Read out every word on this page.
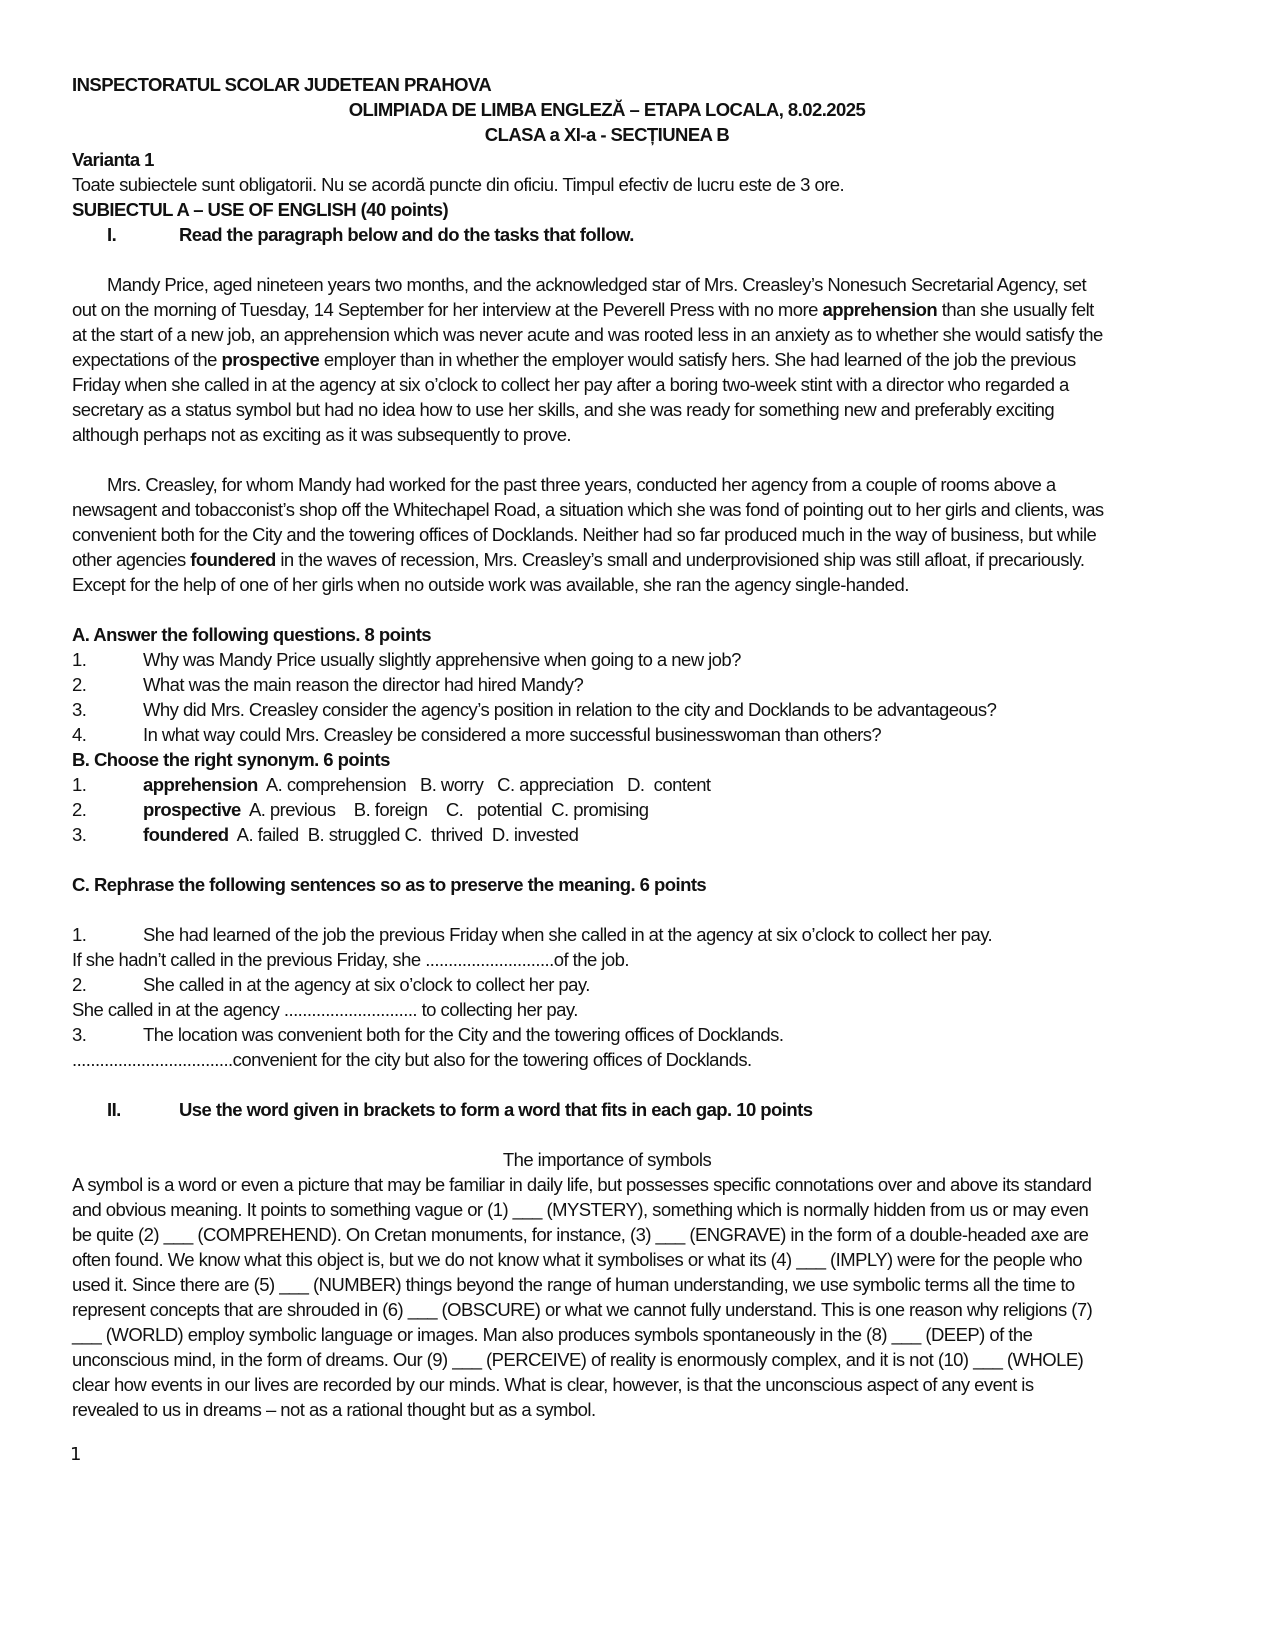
INSPECTORATUL SCOLAR JUDETEAN PRAHOVA
OLIMPIADA DE LIMBA ENGLEZĂ – ETAPA LOCALA, 8.02.2025
CLASA a XI-a - SECȚIUNEA B
Varianta 1
Toate subiectele sunt obligatorii. Nu se acordă puncte din oficiu. Timpul efectiv de lucru este de 3 ore.
SUBIECTUL A – USE OF ENGLISH (40 points)
I.	Read the paragraph below and do the tasks that follow.
Mandy Price, aged nineteen years two months, and the acknowledged star of Mrs. Creasley’s Nonesuch Secretarial Agency, set
out on the morning of Tuesday, 14 September for her interview at the Peverell Press with no more apprehension than she usually felt
at the start of a new job, an apprehension which was never acute and was rooted less in an anxiety as to whether she would satisfy the
expectations of the prospective employer than in whether the employer would satisfy hers. She had learned of the job the previous
Friday when she called in at the agency at six o’clock to collect her pay after a boring two-week stint with a director who regarded a
secretary as a status symbol but had no idea how to use her skills, and she was ready for something new and preferably exciting
although perhaps not as exciting as it was subsequently to prove.
Mrs. Creasley, for whom Mandy had worked for the past three years, conducted her agency from a couple of rooms above a
newsagent and tobacconist’s shop off the Whitechapel Road, a situation which she was fond of pointing out to her girls and clients, was
convenient both for the City and the towering offices of Docklands. Neither had so far produced much in the way of business, but while
other agencies foundered in the waves of recession, Mrs. Creasley’s small and underprovisioned ship was still afloat, if precariously.
Except for the help of one of her girls when no outside work was available, she ran the agency single-handed.
A. Answer the following questions. 8 points
1.	Why was Mandy Price usually slightly apprehensive when going to a new job?
2.	What was the main reason the director had hired Mandy?
3.	Why did Mrs. Creasley consider the agency’s position in relation to the city and Docklands to be advantageous?
4.	In what way could Mrs. Creasley be considered a more successful businesswoman than others?
B. Choose the right synonym. 6 points
1.	apprehension  A. comprehension   B. worry   C. appreciation   D.  content
2.	prospective  A. previous    B. foreign    C.   potential  C. promising
3.	foundered  A. failed  B. struggled C.  thrived  D. invested
C. Rephrase the following sentences so as to preserve the meaning. 6 points
1.	She had learned of the job the previous Friday when she called in at the agency at six o’clock to collect her pay.
If she hadn’t called in the previous Friday, she ............................of the job.
2.	She called in at the agency at six o’clock to collect her pay.
She called in at the agency ............................. to collecting her pay.
3.	The location was convenient both for the City and the towering offices of Docklands.
...................................convenient for the city but also for the towering offices of Docklands.
II.	Use the word given in brackets to form a word that fits in each gap. 10 points
The importance of symbols
A symbol is a word or even a picture that may be familiar in daily life, but possesses specific connotations over and above its standard
and obvious meaning. It points to something vague or (1) ___ (MYSTERY), something which is normally hidden from us or may even
be quite (2) ___ (COMPREHEND). On Cretan monuments, for instance, (3) ___ (ENGRAVE) in the form of a double-headed axe are
often found. We know what this object is, but we do not know what it symbolises or what its (4) ___ (IMPLY) were for the people who
used it. Since there are (5) ___ (NUMBER) things beyond the range of human understanding, we use symbolic terms all the time to
represent concepts that are shrouded in (6) ___ (OBSCURE) or what we cannot fully understand. This is one reason why religions (7)
___ (WORLD) employ symbolic language or images. Man also produces symbols spontaneously in the (8) ___ (DEEP) of the
unconscious mind, in the form of dreams. Our (9) ___ (PERCEIVE) of reality is enormously complex, and it is not (10) ___ (WHOLE)
clear how events in our lives are recorded by our minds. What is clear, however, is that the unconscious aspect of any event is
revealed to us in dreams – not as a rational thought but as a symbol.
1
